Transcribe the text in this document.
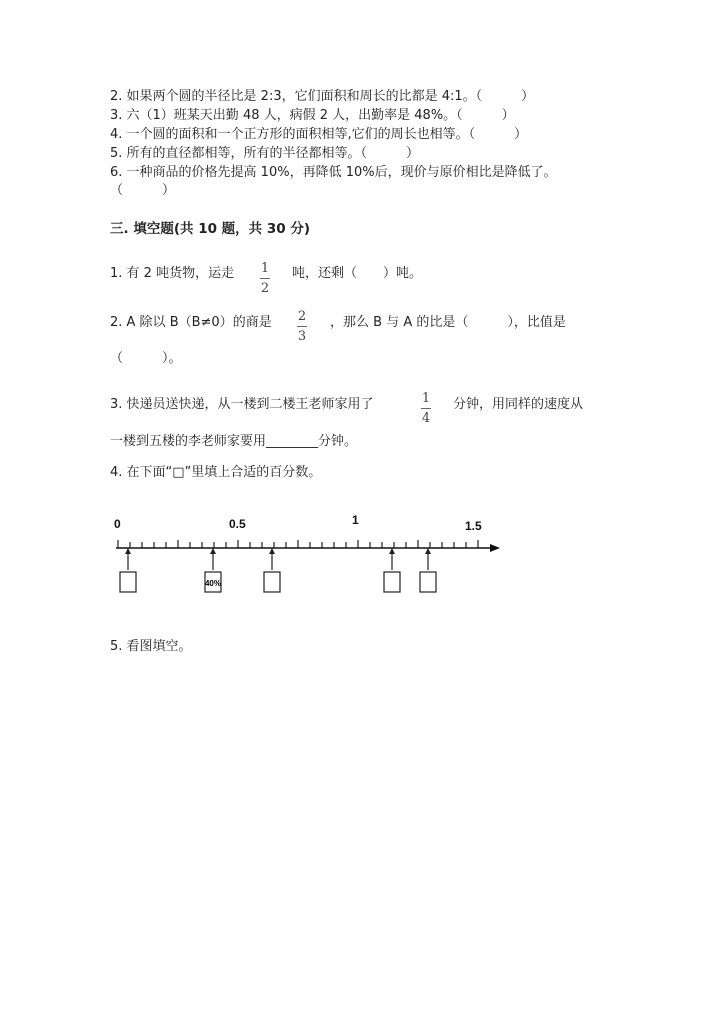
2. 如果两个圆的半径比是 2:3，它们面积和周长的比都是 4:1。（　　　）
3. 六（1）班某天出勤 48 人，病假 2 人，出勤率是 48%。（　　　）
4. 一个圆的面积和一个正方形的面积相等,它们的周长也相等。（　　　）
5. 所有的直径都相等，所有的半径都相等。（　　　）
6. 一种商品的价格先提高 10%，再降低 10%后，现价与原价相比是降低了。
（　　　）
三. 填空题(共 10 题，共 30 分)
1. 有 2 吨货物，运走 1
2
吨，还剩（　　）吨。
2. A 除以 B（B≠0）的商是 2
3
，那么 B 与 A 的比是（　　　），比值是
（　　　）。
3. 快递员送快递，从一楼到二楼王老师家用了	1
4
分钟，用同样的速度从
一楼到五楼的李老师家要用________分钟。
4. 在下面“□”里填上合适的百分数。
0	0.5	1	1.5
40%
5. 看图填空。
